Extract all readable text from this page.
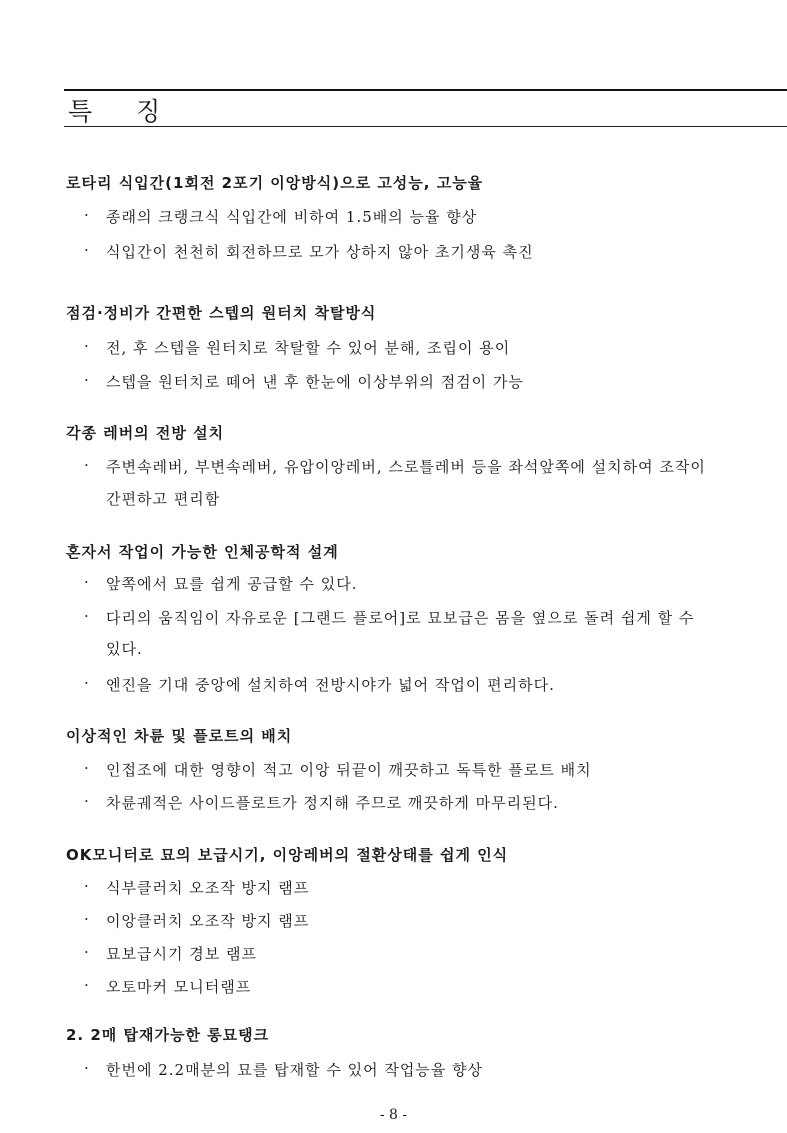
특 징
로타리 식입간(1회전 2포기 이앙방식)으로 고성능, 고능율
·	종래의 크랭크식 식입간에 비하여 1.5배의 능율 향상
·	식입간이 천천히 회전하므로 모가 상하지 않아 초기생육 촉진
점검·정비가 간편한 스텝의 원터치 착탈방식
·	전, 후 스텝을 원터치로 착탈할 수 있어 분해, 조립이 용이
·	스텝을 원터치로 떼어 낸 후 한눈에 이상부위의 점검이 가능
각종 레버의 전방 설치
·	주변속레버, 부변속레버, 유압이앙레버, 스로틀레버 등을 좌석앞쪽에 설치하여 조작이
간편하고 편리함
혼자서 작업이 가능한 인체공학적 설계
·	앞쪽에서 묘를 쉽게 공급할 수 있다.
·	다리의 움직임이 자유로운 [그랜드 플로어]로 묘보급은 몸을 옆으로 돌려 쉽게 할 수
있다.
·	엔진을 기대 중앙에 설치하여 전방시야가 넓어 작업이 편리하다.
이상적인 차륜 및 플로트의 배치
·	인접조에 대한 영향이 적고 이앙 뒤끝이 깨끗하고 독특한 플로트 배치
·	차륜궤적은 사이드플로트가 정지해 주므로 깨끗하게 마무리된다.
OK모니터로 묘의 보급시기, 이앙레버의 절환상태를 쉽게 인식
·	식부클러치 오조작 방지 램프
·	이앙클러치 오조작 방지 램프
·	묘보급시기 경보 램프
·	오토마커 모니터램프
2. 2매 탑재가능한 롱묘탱크
·	한번에 2.2매분의 묘를 탑재할 수 있어 작업능율 향상
- 8 -
